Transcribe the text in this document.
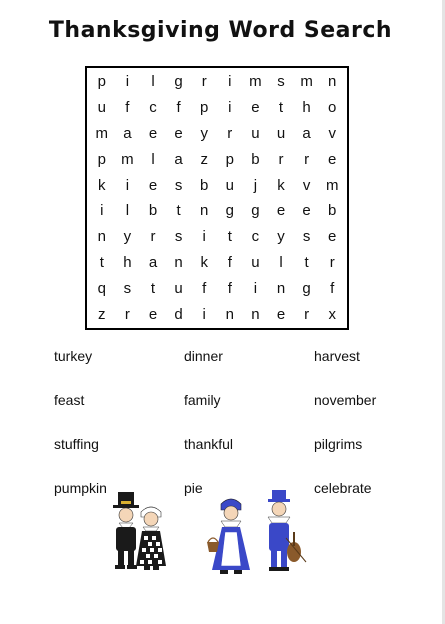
Thanksgiving Word Search
p	i	l	g	r	i	m	s	m	n
u	f	c	f	p	i	e	t	h	o
m	a	e	e	y	r	u	u	a	v
p	m	l	a	z	p	b	r	r	e
k	i	e	s	b	u	j	k	v	m
i	l	b	t	n	g	g	e	e	b
n	y	r	s	i	t	c	y	s	e
t	h	a	n	k	f	u	l	t	r
q	s	t	u	f	f	i	n	g	f
z	r	e	d	i	n	n	e	r	x
turkey	dinner	harvest
feast	family	november
stuffing	thankful	pilgrims
pumpkin	pie	celebrate
